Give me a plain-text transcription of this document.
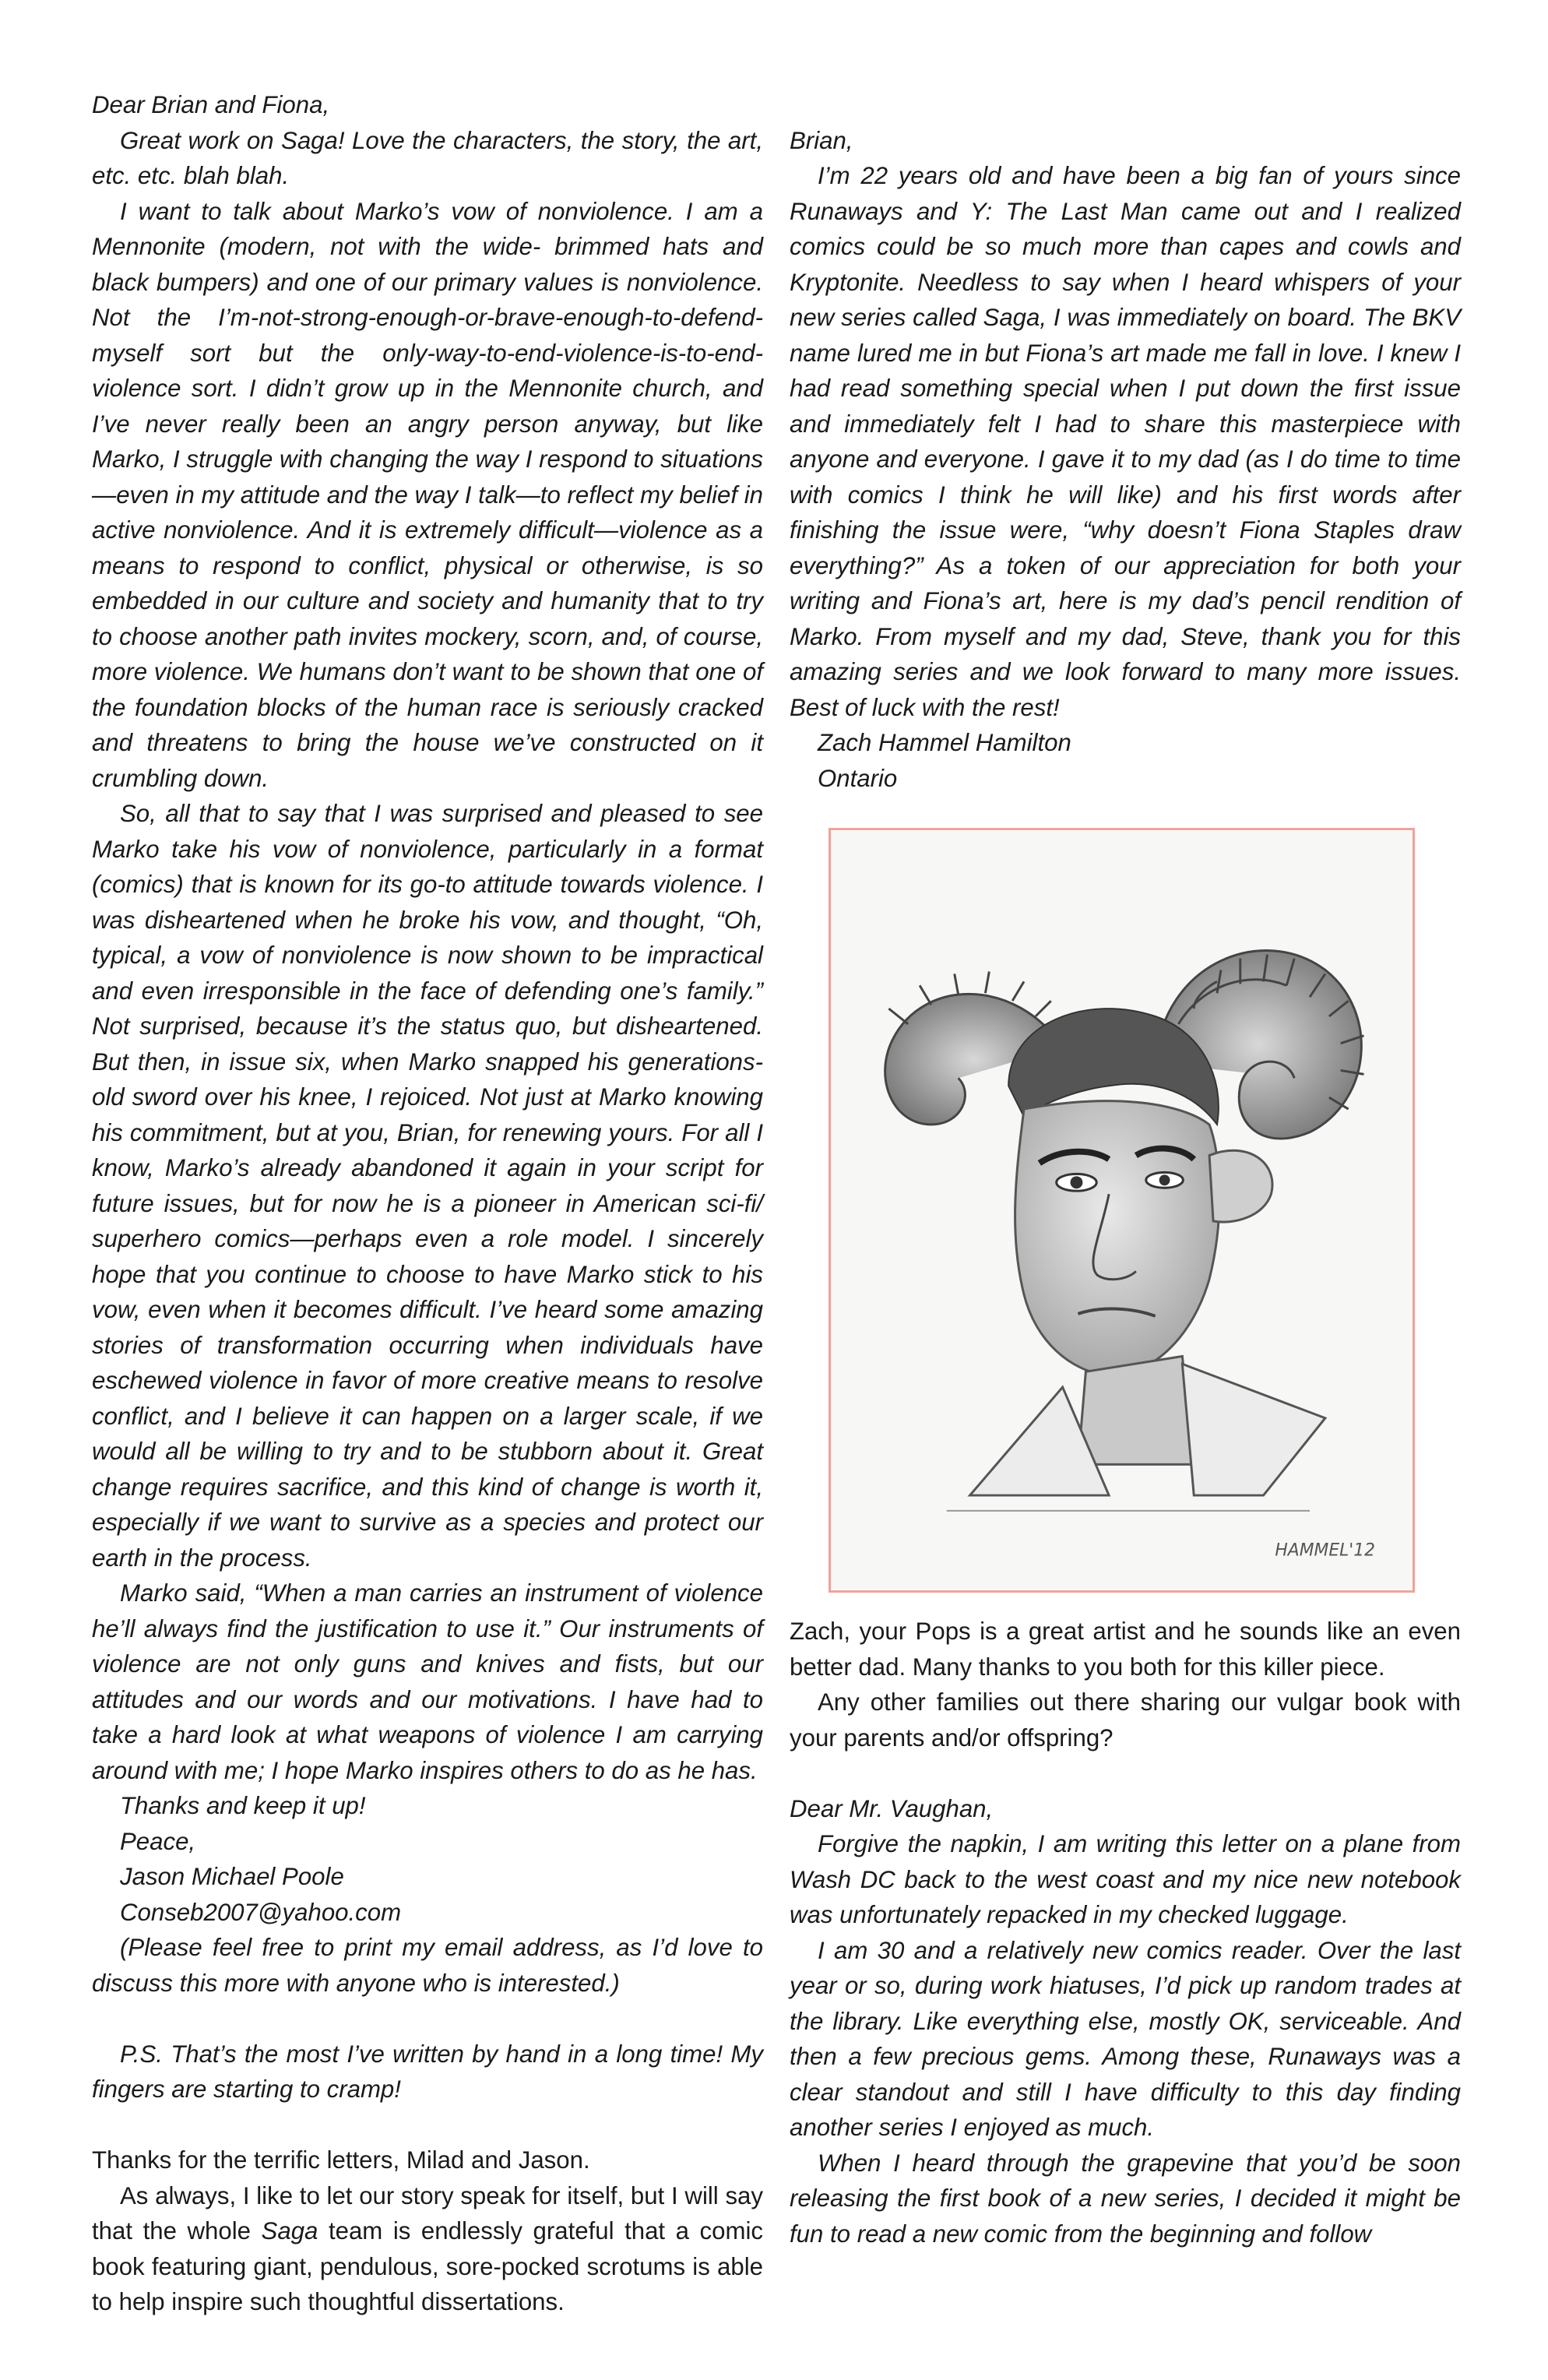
Dear Brian and Fiona,

Great work on Saga! Love the characters, the story, the art, etc. etc. blah blah.

I want to talk about Marko’s vow of nonviolence. I am a Mennonite (modern, not with the wide- brimmed hats and black bumpers) and one of our primary values is nonviolence. Not the I’m-not-strong-enough-or-brave-enough-to-defend-myself sort but the only-way-to-end-violence-is-to-end-violence sort. I didn’t grow up in the Mennonite church, and I’ve never really been an angry person anyway, but like Marko, I struggle with changing the way I respond to situations—even in my attitude and the way I talk—to reflect my belief in active nonviolence. And it is extremely difficult—violence as a means to respond to conflict, physical or otherwise, is so embedded in our culture and society and humanity that to try to choose another path invites mockery, scorn, and, of course, more violence. We humans don’t want to be shown that one of the foundation blocks of the human race is seriously cracked and threatens to bring the house we’ve constructed on it crumbling down.

So, all that to say that I was surprised and pleased to see Marko take his vow of nonviolence, particularly in a format (comics) that is known for its go-to attitude towards violence. I was disheartened when he broke his vow, and thought, “Oh, typical, a vow of nonviolence is now shown to be impractical and even irresponsible in the face of defending one’s family.” Not surprised, because it’s the status quo, but disheartened. But then, in issue six, when Marko snapped his generations-old sword over his knee, I rejoiced. Not just at Marko knowing his commitment, but at you, Brian, for renewing yours. For all I know, Marko’s already abandoned it again in your script for future issues, but for now he is a pioneer in American sci-fi/ superhero comics—perhaps even a role model. I sincerely hope that you continue to choose to have Marko stick to his vow, even when it becomes difficult. I’ve heard some amazing stories of transformation occurring when individuals have eschewed violence in favor of more creative means to resolve conflict, and I believe it can happen on a larger scale, if we would all be willing to try and to be stubborn about it. Great change requires sacrifice, and this kind of change is worth it, especially if we want to survive as a species and protect our earth in the process.

Marko said, “When a man carries an instrument of violence he’ll always find the justification to use it.” Our instruments of violence are not only guns and knives and fists, but our attitudes and our words and our motivations. I have had to take a hard look at what weapons of violence I am carrying around with me; I hope Marko inspires others to do as he has.

Thanks and keep it up!

Peace,

Jason Michael Poole

Conseb2007@yahoo.com

(Please feel free to print my email address, as I’d love to discuss this more with anyone who is interested.)

P.S. That’s the most I’ve written by hand in a long time! My fingers are starting to cramp!

Thanks for the terrific letters, Milad and Jason.

As always, I like to let our story speak for itself, but I will say that the whole Saga team is endlessly grateful that a comic book featuring giant, pendulous, sore-pocked scrotums is able to help inspire such thoughtful dissertations.

Brian,

I’m 22 years old and have been a big fan of yours since Runaways and Y: The Last Man came out and I realized comics could be so much more than capes and cowls and Kryptonite. Needless to say when I heard whispers of your new series called Saga, I was immediately on board. The BKV name lured me in but Fiona’s art made me fall in love. I knew I had read something special when I put down the first issue and immediately felt I had to share this masterpiece with anyone and everyone. I gave it to my dad (as I do time to time with comics I think he will like) and his first words after finishing the issue were, “why doesn’t Fiona Staples draw everything?” As a token of our appreciation for both your writing and Fiona’s art, here is my dad’s pencil rendition of Marko. From myself and my dad, Steve, thank you for this amazing series and we look forward to many more issues. Best of luck with the rest!

Zach Hammel Hamilton

Ontario

HAMMEL'12

Zach, your Pops is a great artist and he sounds like an even better dad. Many thanks to you both for this killer piece.

Any other families out there sharing our vulgar book with your parents and/or offspring?

Dear Mr. Vaughan,

Forgive the napkin, I am writing this letter on a plane from Wash DC back to the west coast and my nice new notebook was unfortunately repacked in my checked luggage.

I am 30 and a relatively new comics reader. Over the last year or so, during work hiatuses, I’d pick up random trades at the library. Like everything else, mostly OK, serviceable. And then a few precious gems. Among these, Runaways was a clear standout and still I have difficulty to this day finding another series I enjoyed as much.

When I heard through the grapevine that you’d be soon releasing the first book of a new series, I decided it might be fun to read a new comic from the beginning and follow
